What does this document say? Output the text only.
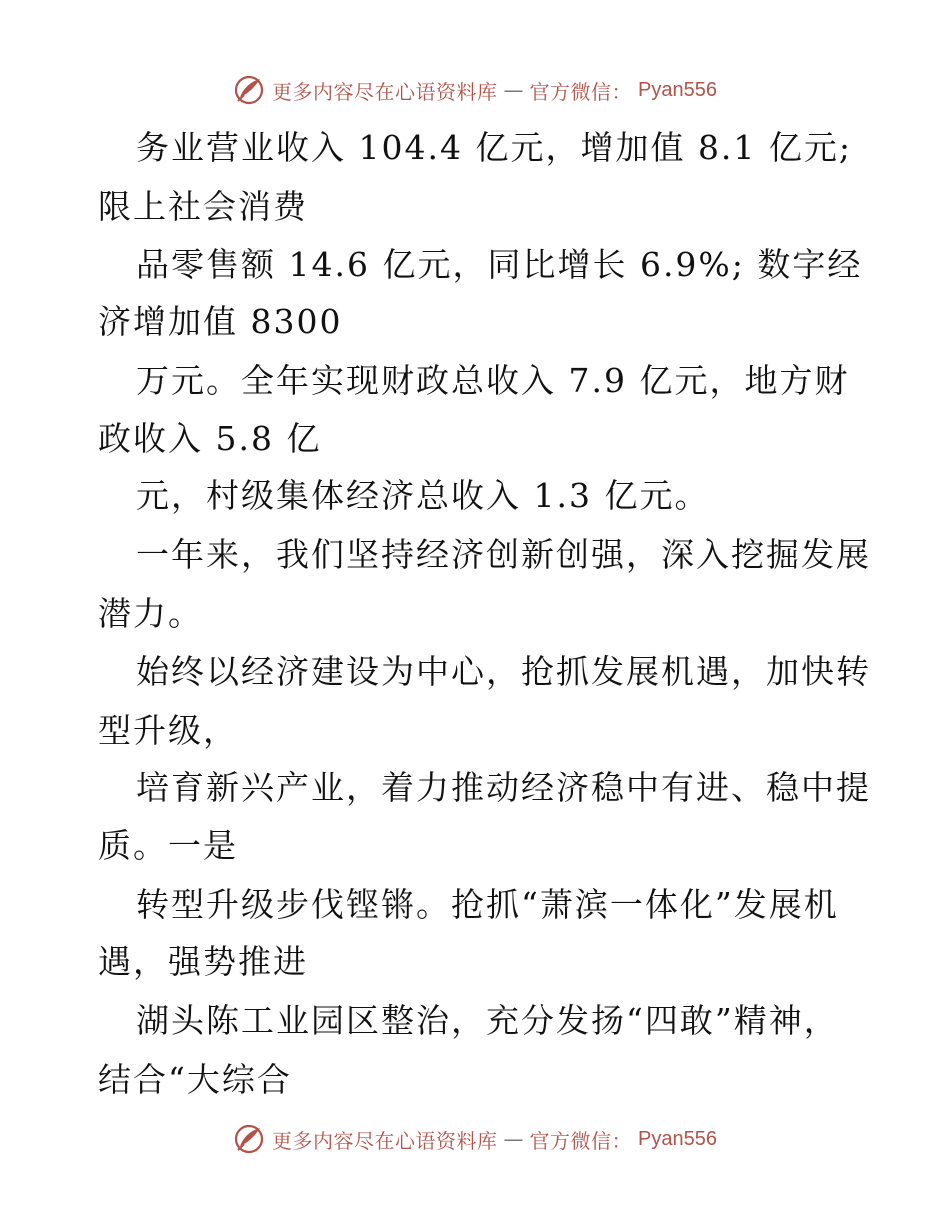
更多内容尽在心语资料库 — 官方微信： Pyan556
务业营业收入 104.4 亿元，增加值 8.1 亿元;
限上社会消费
品零售额 14.6 亿元，同比增长 6.9%; 数字经
济增加值 8300
万元。全年实现财政总收入 7.9 亿元，地方财
政收入 5.8 亿
元，村级集体经济总收入 1.3 亿元。
一年来，我们坚持经济创新创强，深入挖掘发展
潜力。
始终以经济建设为中心，抢抓发展机遇，加快转
型升级，
培育新兴产业，着力推动经济稳中有进、稳中提
质。一是
转型升级步伐铿锵。抢抓“萧滨一体化”发展机
遇，强势推进
湖头陈工业园区整治，充分发扬“四敢”精神，
结合“大综合
更多内容尽在心语资料库 — 官方微信： Pyan556
